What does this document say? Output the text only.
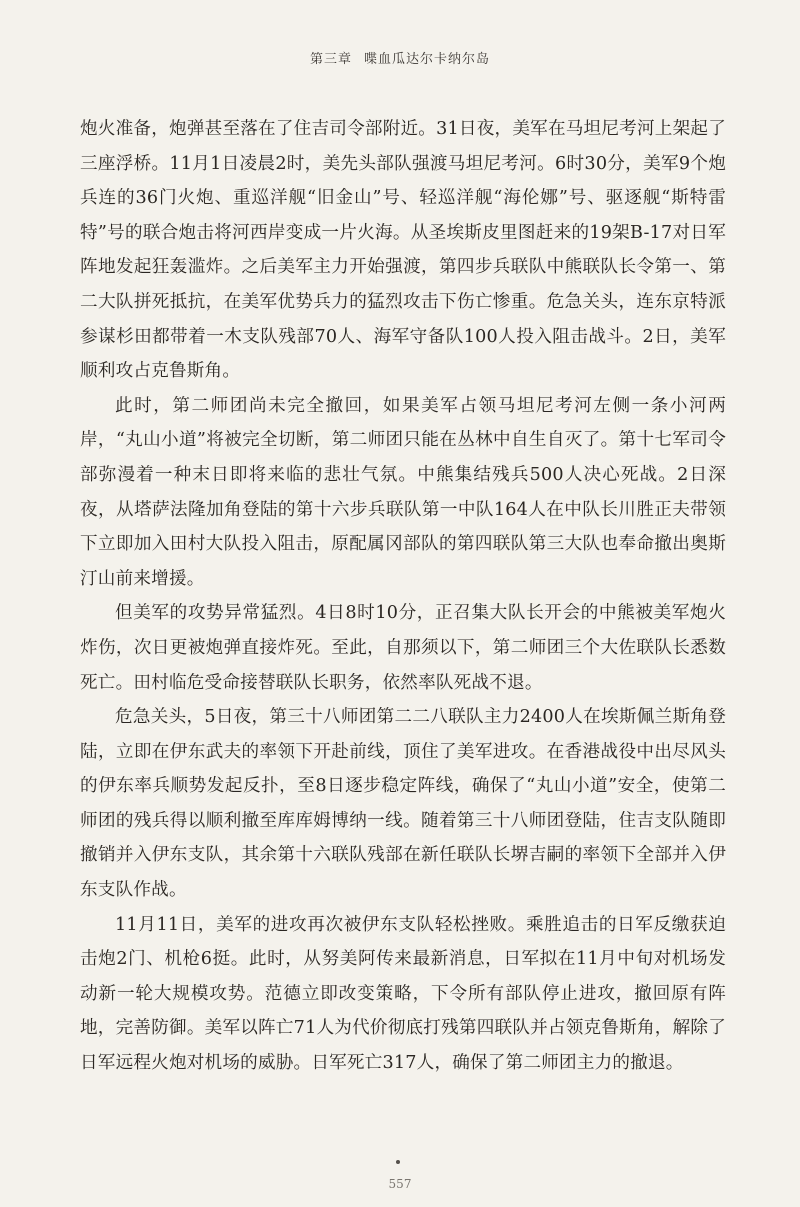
第三章 喋血瓜达尔卡纳尔岛

炮火准备，炮弹甚至落在了住吉司令部附近。31日夜，美军在马坦尼考河上架起了三座浮桥。11月1日凌晨2时，美先头部队强渡马坦尼考河。6时30分，美军9个炮兵连的36门火炮、重巡洋舰“旧金山”号、轻巡洋舰“海伦娜”号、驱逐舰“斯特雷特”号的联合炮击将河西岸变成一片火海。从圣埃斯皮里图赶来的19架B-17对日军阵地发起狂轰滥炸。之后美军主力开始强渡，第四步兵联队中熊联队长令第一、第二大队拼死抵抗，在美军优势兵力的猛烈攻击下伤亡惨重。危急关头，连东京特派参谋杉田都带着一木支队残部70人、海军守备队100人投入阻击战斗。2日，美军顺利攻占克鲁斯角。

此时，第二师团尚未完全撤回，如果美军占领马坦尼考河左侧一条小河两岸，“丸山小道”将被完全切断，第二师团只能在丛林中自生自灭了。第十七军司令部弥漫着一种末日即将来临的悲壮气氛。中熊集结残兵500人决心死战。2日深夜，从塔萨法隆加角登陆的第十六步兵联队第一中队164人在中队长川胜正夫带领下立即加入田村大队投入阻击，原配属冈部队的第四联队第三大队也奉命撤出奥斯汀山前来增援。

但美军的攻势异常猛烈。4日8时10分，正召集大队长开会的中熊被美军炮火炸伤，次日更被炮弹直接炸死。至此，自那须以下，第二师团三个大佐联队长悉数死亡。田村临危受命接替联队长职务，依然率队死战不退。

危急关头，5日夜，第三十八师团第二二八联队主力2400人在埃斯佩兰斯角登陆，立即在伊东武夫的率领下开赴前线，顶住了美军进攻。在香港战役中出尽风头的伊东率兵顺势发起反扑，至8日逐步稳定阵线，确保了“丸山小道”安全，使第二师团的残兵得以顺利撤至库库姆博纳一线。随着第三十八师团登陆，住吉支队随即撤销并入伊东支队，其余第十六联队残部在新任联队长堺吉嗣的率领下全部并入伊东支队作战。

11月11日，美军的进攻再次被伊东支队轻松挫败。乘胜追击的日军反缴获迫击炮2门、机枪6挺。此时，从努美阿传来最新消息，日军拟在11月中旬对机场发动新一轮大规模攻势。范德立即改变策略，下令所有部队停止进攻，撤回原有阵地，完善防御。美军以阵亡71人为代价彻底打残第四联队并占领克鲁斯角，解除了日军远程火炮对机场的威胁。日军死亡317人，确保了第二师团主力的撤退。

557
